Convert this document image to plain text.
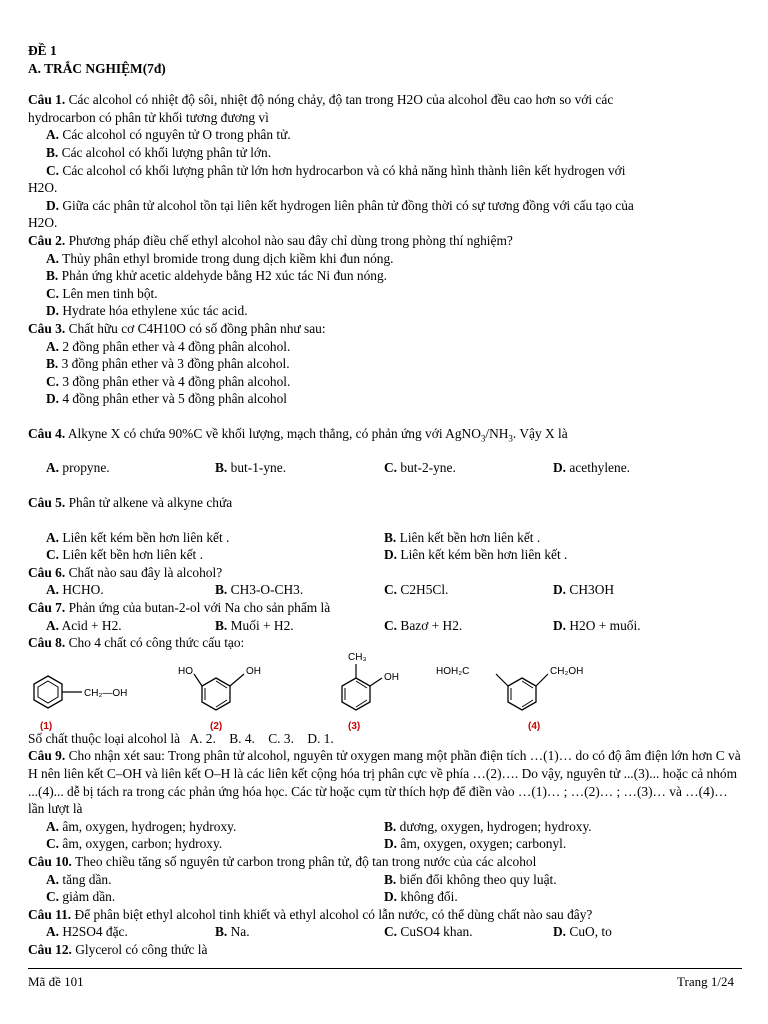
ĐỀ 1
A. TRẮC NGHIỆM(7đ)
Câu 1. Các alcohol có nhiệt độ sôi, nhiệt độ nóng chảy, độ tan trong H2O của alcohol đều cao hơn so với các
hydrocarbon có phân tử khối tương đương vì
A. Các alcohol có nguyên tử O trong phân tử.
B. Các alcohol có khối lượng phân tử lớn.
C. Các alcohol có khối lượng phân tử lớn hơn hydrocarbon và có khả năng hình thành liên kết hydrogen với
H2O.
D. Giữa các phân tử alcohol tồn tại liên kết hydrogen liên phân tử đồng thời có sự tương đồng với cấu tạo của
H2O.
Câu 2. Phương pháp điều chế ethyl alcohol nào sau đây chỉ dùng trong phòng thí nghiệm?
A. Thủy phân ethyl bromide trong dung dịch kiềm khi đun nóng.
B. Phản ứng khử acetic aldehyde bằng H2 xúc tác Ni đun nóng.
C. Lên men tinh bột.
D. Hydrate hóa ethylene xúc tác acid.
Câu 3. Chất hữu cơ C4H10O có số đồng phân như sau:
A. 2 đồng phân ether và 4 đồng phân alcohol.
B. 3 đồng phân ether và 3 đồng phân alcohol.
C. 3 đồng phân ether và 4 đồng phân alcohol.
D. 4 đồng phân ether và 5 đồng phân alcohol
Câu 4. Alkyne X có chứa 90%C về khối lượng, mạch thẳng, có phản ứng với $AgNO_3/NH_3$. Vậy X là
A. propyne.	B. but-1-yne.	C. but-2-yne.	D. acethylene.
Câu 5. Phân tử alkene và alkyne chứa
A. Liên kết kém bền hơn liên kết .	B. Liên kết bền hơn liên kết .
C. Liên kết bền hơn liên kết .	D. Liên kết kém bền hơn liên kết .
Câu 6. Chất nào sau đây là alcohol?
A. HCHO.	B. CH3-O-CH3.	C. C2H5Cl.	D. CH3OH
Câu 7. Phản ứng của butan-2-ol với Na cho sản phẩm là
A. Acid + H2.	B. Muối + H2.	C. Bazơ + H2.	D. H2O + muối.
Câu 8. Cho 4 chất có công thức cấu tạo:
CH₂—OH
(1)
HO	OH
(2)
CH₃
OH
(3)
HOH₂C	CH₂OH
(4)
Số chất thuộc loại alcohol là   A. 2.    B. 4.    C. 3.    D. 1.
Câu 9. Cho nhận xét sau: Trong phân tử alcohol, nguyên tử oxygen mang một phần điện tích …(1)… do có độ âm điện lớn hơn C và H nên liên kết C–OH và liên kết O–H là các liên kết cộng hóa trị phân cực về phía …(2)…. Do vậy, nguyên tử ...(3)... hoặc cả nhóm ...(4)... dễ bị tách ra trong các phản ứng hóa học. Các từ hoặc cụm từ thích hợp để điền vào …(1)… ; …(2)… ; …(3)… và …(4)… lần lượt là
A. âm, oxygen, hydrogen; hydroxy.	B. dương, oxygen, hydrogen; hydroxy.
C. âm, oxygen, carbon; hydroxy.	D. âm, oxygen, oxygen; carbonyl.
Câu 10. Theo chiều tăng số nguyên tử carbon trong phân tử, độ tan trong nước của các alcohol
A. tăng dần.	B. biến đổi không theo quy luật.
C. giảm dần.	D. không đổi.
Câu 11. Để phân biệt ethyl alcohol tinh khiết và ethyl alcohol có lẫn nước, có thể dùng chất nào sau đây?
A. H2SO4 đặc.	B. Na.	C. CuSO4 khan.	D. CuO, to
Câu 12. Glycerol có công thức là
Mã đề 101	Trang 1/24
